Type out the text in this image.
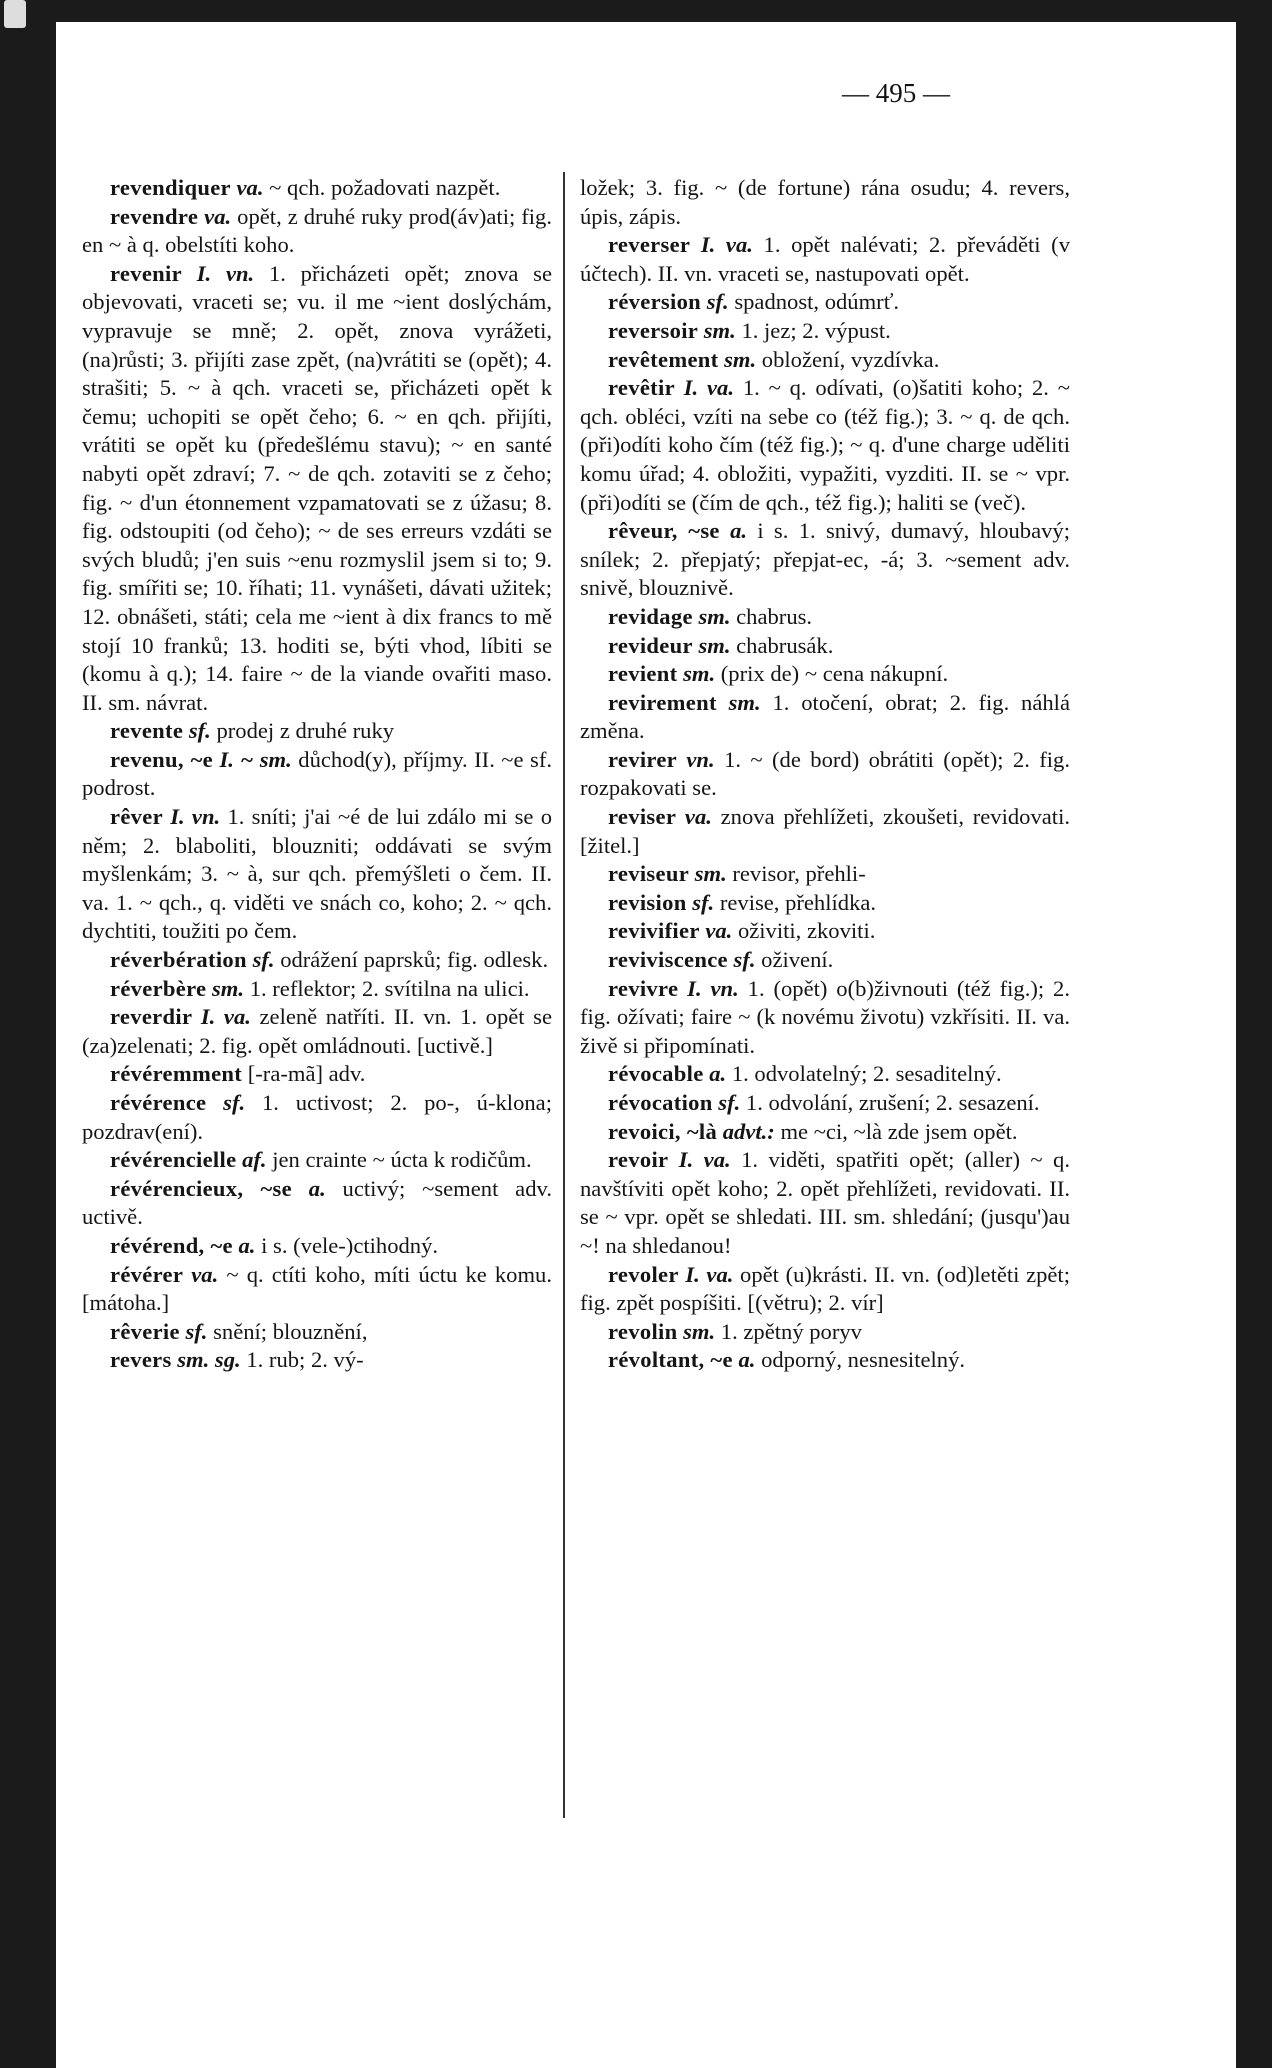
— 495 —

revendiquer va. ~ qch. požadovati nazpět.

revendre va. opět, z druhé ruky prod(áv)ati; fig. en ~ à q. obelstíti koho.

revenir I. vn. 1. přicházeti opět; znova se objevovati, vraceti se; vu. il me ~ient doslýchám, vypravuje se mně; 2. opět, znova vyrážeti, (na)růsti; 3. přijíti zase zpět, (na)vrátiti se (opět); 4. strašiti; 5. ~ à qch. vraceti se, přicházeti opět k čemu; uchopiti se opět čeho; 6. ~ en qch. přijíti, vrátiti se opět ku (předešlému stavu); ~ en santé nabyti opět zdraví; 7. ~ de qch. zotaviti se z čeho; fig. ~ d'un étonnement vzpamatovati se z úžasu; 8. fig. odstoupiti (od čeho); ~ de ses erreurs vzdáti se svých bludů; j'en suis ~enu rozmyslil jsem si to; 9. fig. smířiti se; 10. říhati; 11. vynášeti, dávati užitek; 12. obnášeti, státi; cela me ~ient à dix francs to mě stojí 10 franků; 13. hoditi se, býti vhod, líbiti se (komu à q.); 14. faire ~ de la viande ovařiti maso. II. sm. návrat.

revente sf. prodej z druhé ruky

revenu, ~e I. ~ sm. důchod(y), příjmy. II. ~e sf. podrost.

rêver I. vn. 1. sníti; j'ai ~é de lui zdálo mi se o něm; 2. blaboliti, blouzniti; oddávati se svým myšlenkám; 3. ~ à, sur qch. přemýšleti o čem. II. va. 1. ~ qch., q. viděti ve snách co, koho; 2. ~ qch. dychtiti, toužiti po čem.

réverbération sf. odrážení paprsků; fig. odlesk.

réverbère sm. 1. reflektor; 2. svítilna na ulici.

reverdir I. va. zeleně natříti. II. vn. 1. opět se (za)zelenati; 2. fig. opět omládnouti. [uctivě.]

révéremment [-ra-mã] adv.

révérence sf. 1. uctivost; 2. po-, ú-klona; pozdrav(ení).

révérencielle af. jen crainte ~ úcta k rodičům.

révérencieux, ~se a. uctivý; ~sement adv. uctivě.

révérend, ~e a. i s. (vele-)ctihodný.

révérer va. ~ q. ctíti koho, míti úctu ke komu. [mátoha.]

rêverie sf. snění; blouznění,

revers sm. sg. 1. rub; 2. vý-

ložek; 3. fig. ~ (de fortune) rána osudu; 4. revers, úpis, zápis.

reverser I. va. 1. opět nalévati; 2. převáděti (v účtech). II. vn. vraceti se, nastupovati opět.

réversion sf. spadnost, odúmrť.

reversoir sm. 1. jez; 2. výpust.

revêtement sm. obložení, vyzdívka.

revêtir I. va. 1. ~ q. odívati, (o)šatiti koho; 2. ~ qch. obléci, vzíti na sebe co (též fig.); 3. ~ q. de qch. (při)odíti koho čím (též fig.); ~ q. d'une charge uděliti komu úřad; 4. obložiti, vypažiti, vyzditi. II. se ~ vpr. (při)odíti se (čím de qch., též fig.); haliti se (več).

rêveur, ~se a. i s. 1. snivý, dumavý, hloubavý; snílek; 2. přepjatý; přepjat-ec, -á; 3. ~sement adv. snivě, blouznivě.

revidage sm. chabrus.

revideur sm. chabrusák.

revient sm. (prix de) ~ cena nákupní.

revirement sm. 1. otočení, obrat; 2. fig. náhlá změna.

revirer vn. 1. ~ (de bord) obrátiti (opět); 2. fig. rozpakovati se.

reviser va. znova přehlížeti, zkoušeti, revidovati. [žitel.]

reviseur sm. revisor, přehli-

revision sf. revise, přehlídka.

revivifier va. oživiti, zkoviti.

reviviscence sf. oživení.

revivre I. vn. 1. (opět) o(b)živnouti (též fig.); 2. fig. ožívati; faire ~ (k novému životu) vzkřísiti. II. va. živě si připomínati.

révocable a. 1. odvolatelný; 2. sesaditelný.

révocation sf. 1. odvolání, zrušení; 2. sesazení.

revoici, ~là advt.: me ~ci, ~là zde jsem opět.

revoir I. va. 1. viděti, spatřiti opět; (aller) ~ q. navštíviti opět koho; 2. opět přehlížeti, revidovati. II. se ~ vpr. opět se shledati. III. sm. shledání; (jusqu')au ~! na shledanou!

revoler I. va. opět (u)krásti. II. vn. (od)letěti zpět; fig. zpět pospíšiti. [(větru); 2. vír]

revolin sm. 1. zpětný poryv

révoltant, ~e a. odporný, nesnesitelný.
